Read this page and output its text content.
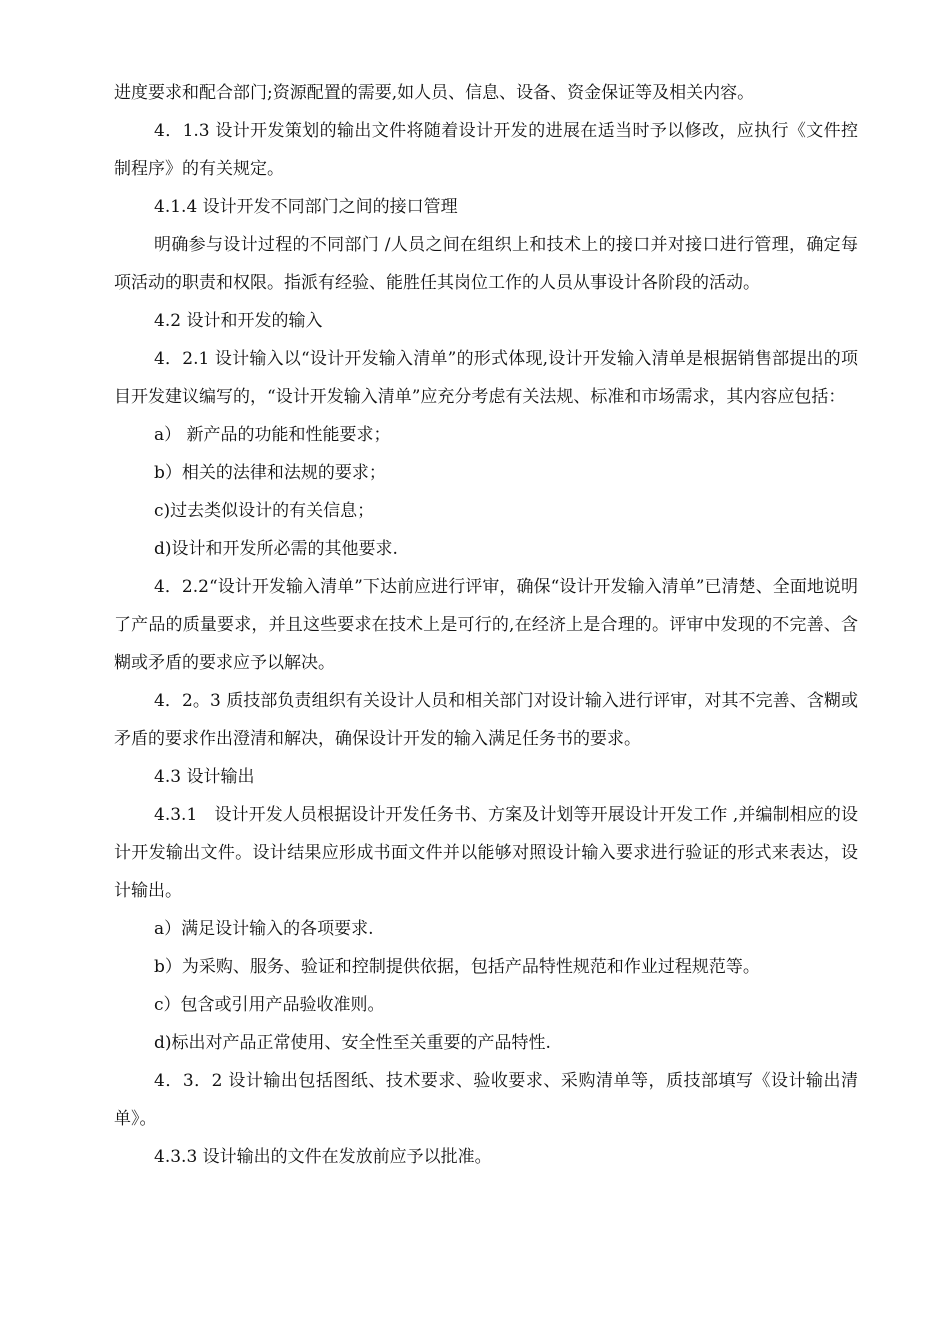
进度要求和配合部门;资源配置的需要,如人员、信息、设备、资金保证等及相关内容。

4．1.3 设计开发策划的输出文件将随着设计开发的进展在适当时予以修改，应执行《文件控制程序》的有关规定。

4.1.4 设计开发不同部门之间的接口管理

明确参与设计过程的不同部门 /人员之间在组织上和技术上的接口并对接口进行管理，确定每项活动的职责和权限。指派有经验、能胜任其岗位工作的人员从事设计各阶段的活动。

4.2 设计和开发的输入

4．2.1 设计输入以“设计开发输入清单”的形式体现,设计开发输入清单是根据销售部提出的项目开发建议编写的，“设计开发输入清单”应充分考虑有关法规、标准和市场需求，其内容应包括：

a） 新产品的功能和性能要求；

b）相关的法律和法规的要求；

c)过去类似设计的有关信息；

d)设计和开发所必需的其他要求.

4．2.2“设计开发输入清单”下达前应进行评审，确保“设计开发输入清单”已清楚、全面地说明了产品的质量要求，并且这些要求在技术上是可行的,在经济上是合理的。评审中发现的不完善、含糊或矛盾的要求应予以解决。

4．2。3 质技部负责组织有关设计人员和相关部门对设计输入进行评审，对其不完善、含糊或矛盾的要求作出澄清和解决，确保设计开发的输入满足任务书的要求。

4.3 设计输出

4.3.1　设计开发人员根据设计开发任务书、方案及计划等开展设计开发工作 ,并编制相应的设计开发输出文件。设计结果应形成书面文件并以能够对照设计输入要求进行验证的形式来表达，设计输出。

a）满足设计输入的各项要求.

b）为采购、服务、验证和控制提供依据，包括产品特性规范和作业过程规范等。

c）包含或引用产品验收准则。

d)标出对产品正常使用、安全性至关重要的产品特性.

4．3．2 设计输出包括图纸、技术要求、验收要求、采购清单等，质技部填写《设计输出清单》。

4.3.3 设计输出的文件在发放前应予以批准。
